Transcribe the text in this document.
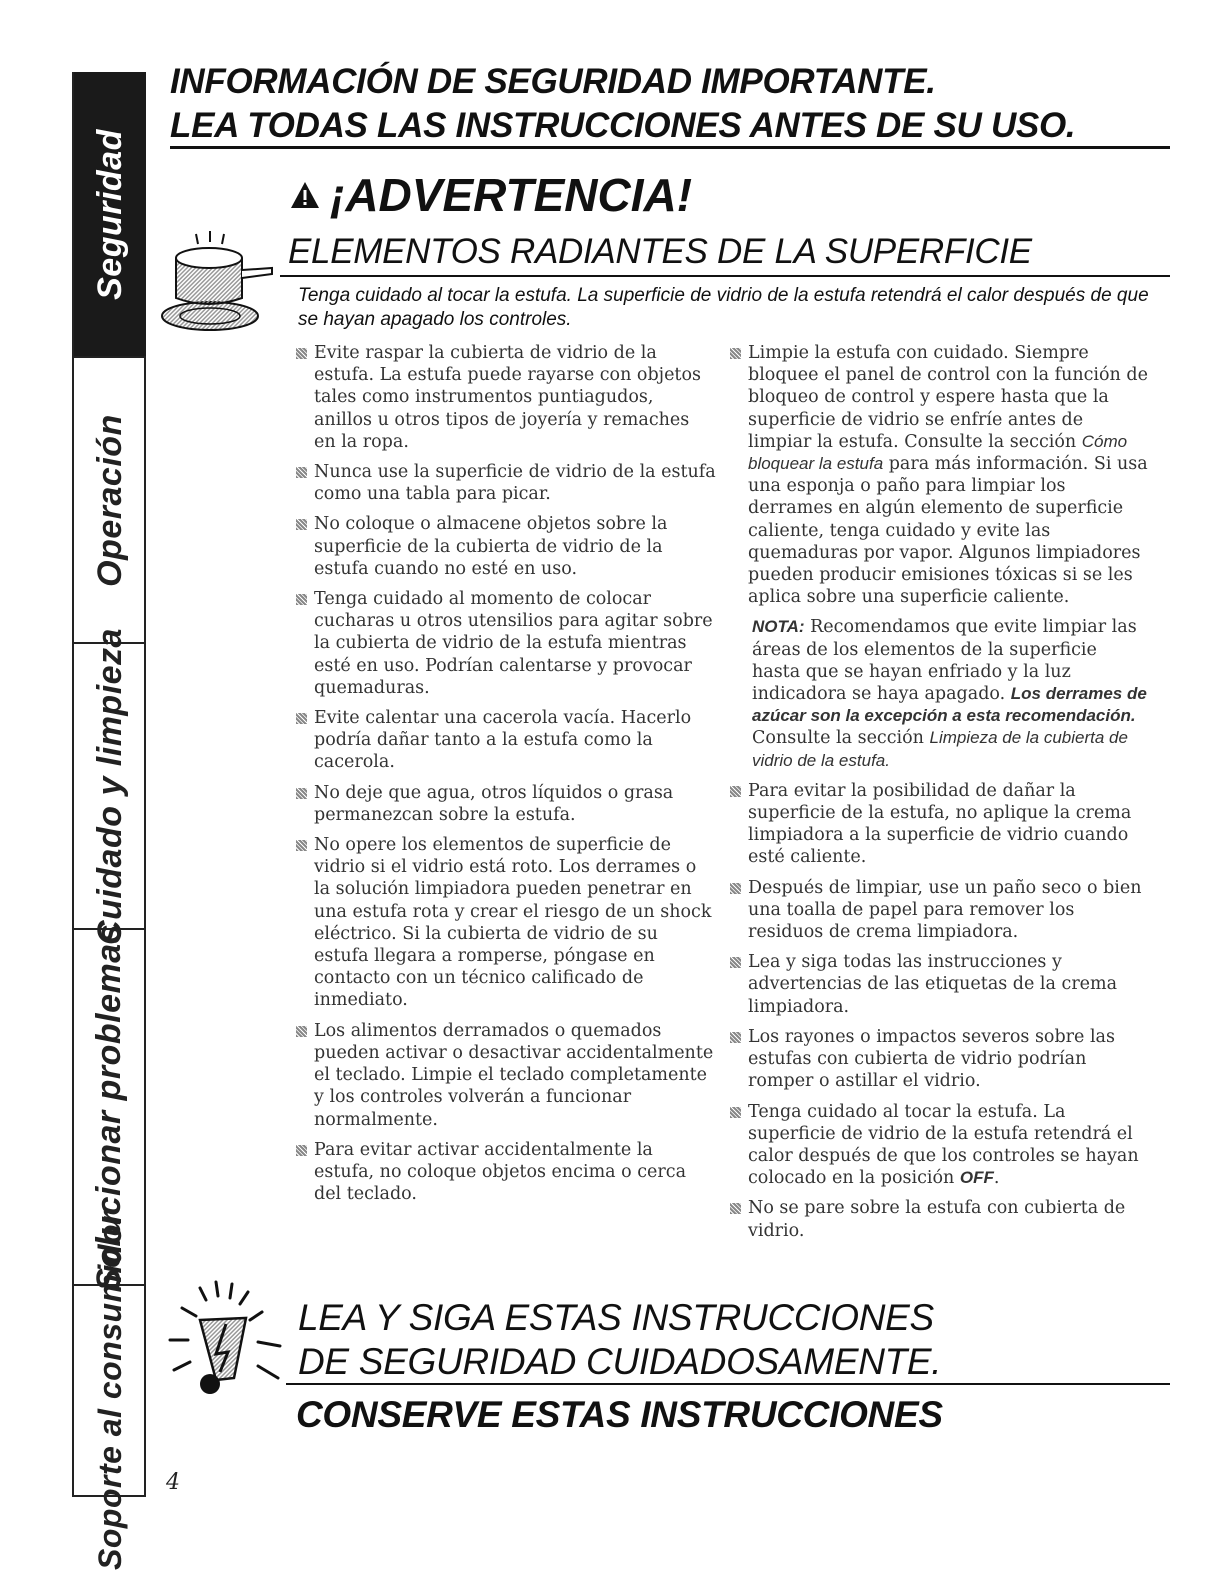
Seguridad
Operación
Cuidado y limpieza
Solucionar problemas
Soporte al consumidor
INFORMACIÓN DE SEGURIDAD IMPORTANTE.
LEA TODAS LAS INSTRUCCIONES ANTES DE SU USO.
¡ADVERTENCIA!
ELEMENTOS RADIANTES DE LA SUPERFICIE
Tenga cuidado al tocar la estufa. La superficie de vidrio de la estufa retendrá el calor después de que se hayan apagado los controles.
Evite raspar la cubierta de vidrio de la estufa. La estufa puede rayarse con objetos tales como instrumentos puntiagudos, anillos u otros tipos de joyería y remaches en la ropa.
Nunca use la superficie de vidrio de la estufa como una tabla para picar.
No coloque o almacene objetos sobre la superficie de la cubierta de vidrio de la estufa cuando no esté en uso.
Tenga cuidado al momento de colocar cucharas u otros utensilios para agitar sobre la cubierta de vidrio de la estufa mientras esté en uso. Podrían calentarse y provocar quemaduras.
Evite calentar una cacerola vacía. Hacerlo podría dañar tanto a la estufa como la cacerola.
No deje que agua, otros líquidos o grasa permanezcan sobre la estufa.
No opere los elementos de superficie de vidrio si el vidrio está roto. Los derrames o la solución limpiadora pueden penetrar en una estufa rota y crear el riesgo de un shock eléctrico. Si la cubierta de vidrio de su estufa llegara a romperse, póngase en contacto con un técnico calificado de inmediato.
Los alimentos derramados o quemados pueden activar o desactivar accidentalmente el teclado. Limpie el teclado completamente y los controles volverán a funcionar normalmente.
Para evitar activar accidentalmente la estufa, no coloque objetos encima o cerca del teclado.
Limpie la estufa con cuidado. Siempre bloquee el panel de control con la función de bloqueo de control y espere hasta que la superficie de vidrio se enfríe antes de limpiar la estufa. Consulte la sección Cómo bloquear la estufa para más información. Si usa una esponja o paño para limpiar los derrames en algún elemento de superficie caliente, tenga cuidado y evite las quemaduras por vapor. Algunos limpiadores pueden producir emisiones tóxicas si se les aplica sobre una superficie caliente.
NOTA: Recomendamos que evite limpiar las áreas de los elementos de la superficie hasta que se hayan enfriado y la luz indicadora se haya apagado. Los derrames de azúcar son la excepción a esta recomendación. Consulte la sección Limpieza de la cubierta de vidrio de la estufa.
Para evitar la posibilidad de dañar la superficie de la estufa, no aplique la crema limpiadora a la superficie de vidrio cuando esté caliente.
Después de limpiar, use un paño seco o bien una toalla de papel para remover los residuos de crema limpiadora.
Lea y siga todas las instrucciones y advertencias de las etiquetas de la crema limpiadora.
Los rayones o impactos severos sobre las estufas con cubierta de vidrio podrían romper o astillar el vidrio.
Tenga cuidado al tocar la estufa. La superficie de vidrio de la estufa retendrá el calor después de que los controles se hayan colocado en la posición OFF.
No se pare sobre la estufa con cubierta de vidrio.
LEA Y SIGA ESTAS INSTRUCCIONES
DE SEGURIDAD CUIDADOSAMENTE.
CONSERVE ESTAS INSTRUCCIONES
4
